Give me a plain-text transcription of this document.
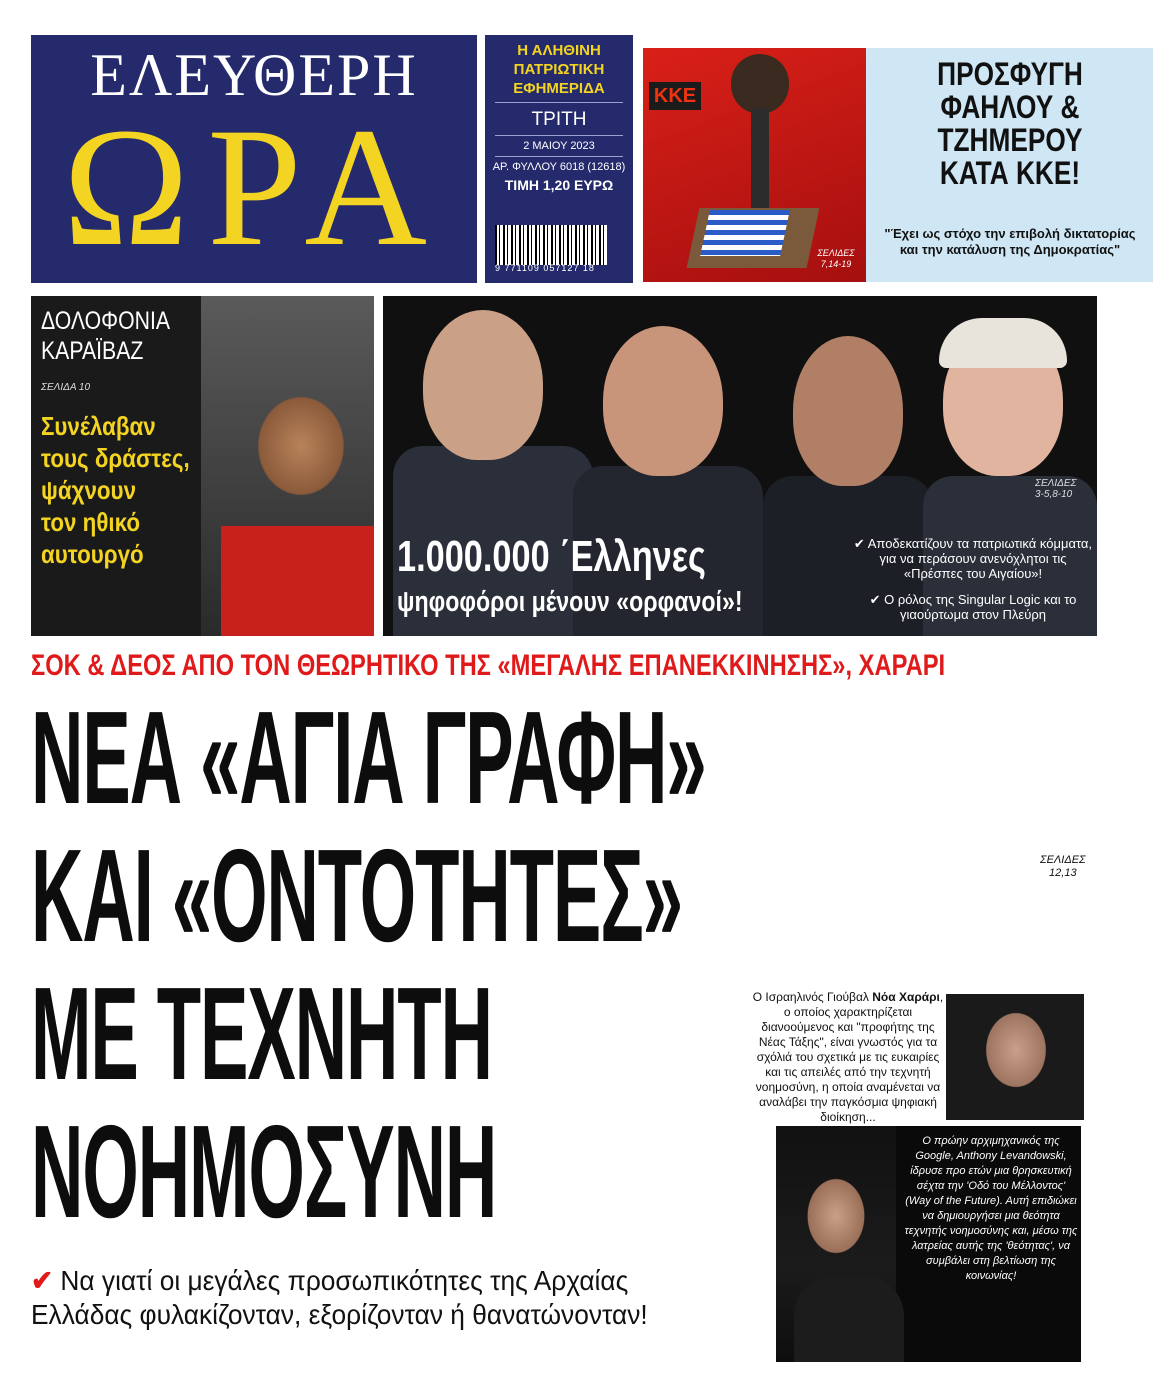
ΕΛΕΥΘΕΡΗ
ΩΡΑ
Η ΑΛΗΘΙΝΗ
ΠΑΤΡΙΩΤΙΚΗ
ΕΦΗΜΕΡΙΔΑ
ΤΡΙΤΗ
2 ΜΑΙΟΥ 2023
ΑΡ. ΦΥΛΛΟΥ 6018 (12618)
ΤΙΜΗ 1,20 ΕΥΡΩ
9 771109 057127 18
ΚΚΕ
ΣΕΛΙΔΕΣ
7,14-19
ΠΡΟΣΦΥΓΗ
ΦΑΗΛΟΥ &
ΤΖΗΜΕΡΟΥ
ΚΑΤΑ ΚΚΕ!
"Έχει ως στόχο την επιβολή δικτατορίας και την κατάλυση της Δημοκρατίας"
ΔΟΛΟΦΟΝΙΑ
ΚΑΡΑΪΒΑΖ
ΣΕΛΙΔΑ 10
Συνέλαβαν
τους δράστες,
ψάχνουν
τον ηθικό
αυτουργό
ΣΕΛΙΔΕΣ
3-5,8-10
1.000.000 ΄Ελληνες
ψηφοφόροι μένουν «ορφανοί»!
✔ Αποδεκατίζουν τα πατριωτικά κόμματα, για να περάσουν ανενόχλητοι τις «Πρέσπες του Αιγαίου»!
✔ Ο ρόλος της Singular Logic και το γιαούρτωμα στον Πλεύρη
ΣΟΚ & ΔΕΟΣ ΑΠΟ ΤΟΝ ΘΕΩΡΗΤΙΚΟ ΤΗΣ «ΜΕΓΑΛΗΣ ΕΠΑΝΕΚΚΙΝΗΣΗΣ», ΧΑΡΑΡΙ
ΝΕΑ «ΑΓΙΑ ΓΡΑΦΗ»
ΚΑΙ «ΟΝΤΟΤΗΤΕΣ»
ΜΕ ΤΕΧΝΗΤΗ
ΝΟΗΜΟΣΥΝΗ
ΣΕΛΙΔΕΣ
12,13
Ο Ισραηλινός Γιούβαλ Νόα Χαράρι, ο οποίος χαρακτηρίζεται διανοούμενος και "προφήτης της Νέας Τάξης", είναι γνωστός για τα σχόλιά του σχετικά με τις ευκαιρίες και τις απειλές από την τεχνητή νοημοσύνη, η οποία αναμένεται να αναλάβει την παγκόσμια ψηφιακή διοίκηση...
Ο πρώην αρχιμηχανικός της Google, Anthony Levandowski, ίδρυσε προ ετών μια θρησκευτική σέχτα την 'Οδό του Μέλλοντος' (Way of the Future). Αυτή επιδιώκει να δημιουργήσει μια θεότητα τεχνητής νοημοσύνης και, μέσω της λατρείας αυτής της 'θεότητας', να συμβάλει στη βελτίωση της κοινωνίας!
✔ Να γιατί οι μεγάλες προσωπικότητες της Αρχαίας Ελλάδας φυλακίζονταν, εξορίζονταν ή θανατώνονταν!
